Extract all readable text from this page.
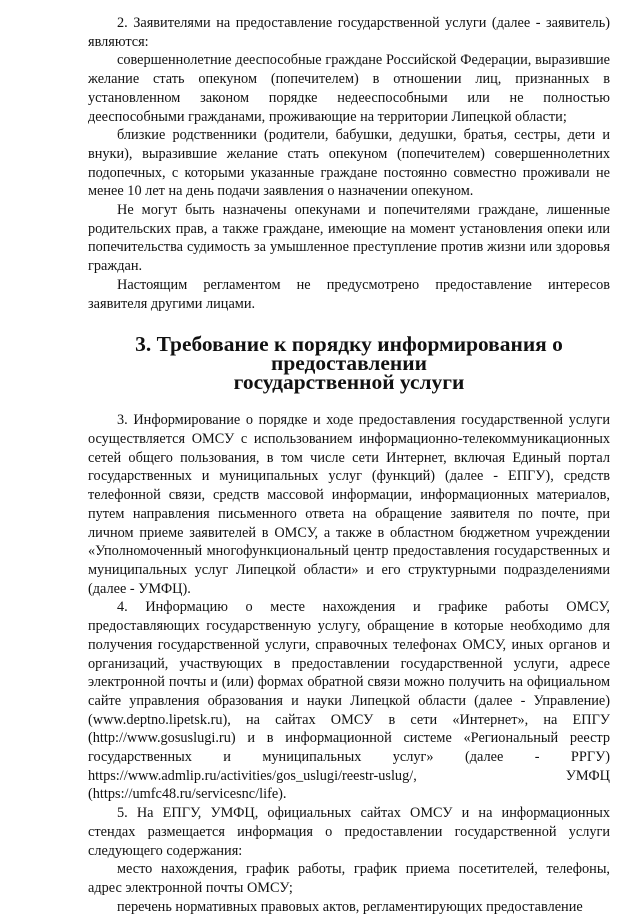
2. Заявителями на предоставление государственной услуги (далее - заявитель) являются:

совершеннолетние дееспособные граждане Российской Федерации, выразившие желание стать опекуном (попечителем) в отношении лиц, признанных в установленном законом порядке недееспособными или не полностью дееспособными гражданами, проживающие на территории Липецкой области;

близкие родственники (родители, бабушки, дедушки, братья, сестры, дети и внуки), выразившие желание стать опекуном (попечителем) совершеннолетних подопечных, с которыми указанные граждане постоянно совместно проживали не менее 10 лет на день подачи заявления о назначении опекуном.

Не могут быть назначены опекунами и попечителями граждане, лишенные родительских прав, а также граждане, имеющие на момент установления опеки или попечительства судимость за умышленное преступление против жизни или здоровья граждан.

Настоящим регламентом не предусмотрено предоставление интересов заявителя другими лицами.

3. Требование к порядку информирования о предоставлении
государственной услуги

3. Информирование о порядке и ходе предоставления государственной услуги осуществляется ОМСУ с использованием информационно-телекоммуникационных сетей общего пользования, в том числе сети Интернет, включая Единый портал государственных и муниципальных услуг (функций) (далее - ЕПГУ), средств телефонной связи, средств массовой информации, информационных материалов, путем направления письменного ответа на обращение заявителя по почте, при личном приеме заявителей в ОМСУ, а также в областном бюджетном учреждении «Уполномоченный многофункциональный центр предоставления государственных и муниципальных услуг Липецкой области» и его структурными подразделениями (далее - УМФЦ).

4. Информацию о месте нахождения и графике работы ОМСУ, предоставляющих государственную услугу, обращение в которые необходимо для получения государственной услуги, справочных телефонах ОМСУ, иных органов и организаций, участвующих в предоставлении государственной услуги, адресе электронной почты и (или) формах обратной связи можно получить на официальном сайте управления образования и науки Липецкой области (далее - Управление)(www.deptno.lipetsk.ru), на сайтах ОМСУ в сети «Интернет», на ЕПГУ (http://www.gosuslugi.ru) и в информационной системе «Региональный реестр государственных и муниципальных услуг» (далее - РРГУ) https://www.admlip.ru/activities/gos_uslugi/reestr-uslug/, УМФЦ (https://umfc48.ru/servicesnc/life).

5. На ЕПГУ, УМФЦ, официальных сайтах ОМСУ и на информационных стендах размещается информация о предоставлении государственной услуги следующего содержания:

место нахождения, график работы, график приема посетителей, телефоны, адрес электронной почты ОМСУ;

перечень нормативных правовых актов, регламентирующих предоставление
